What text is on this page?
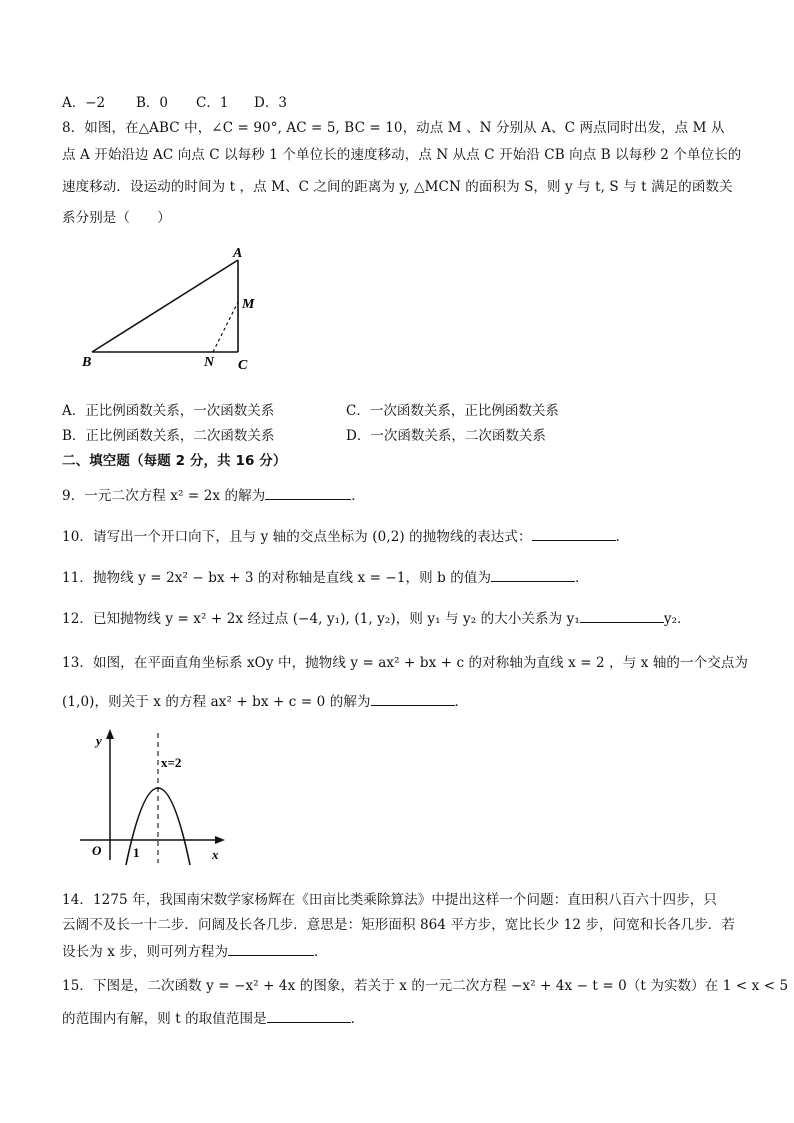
A．−2 B．0 C．1 D．3
8．如图，在△ABC 中，∠C = 90°, AC = 5, BC = 10，动点 M 、N 分别从 A、C 两点同时出发，点 M 从
点 A 开始沿边 AC 向点 C 以每秒 1 个单位长的速度移动，点 N 从点 C 开始沿 CB 向点 B 以每秒 2 个单位长的
速度移动．设运动的时间为 t ，点 M、C 之间的距离为 y, △MCN 的面积为 S，则 y 与 t, S 与 t 满足的函数关
系分别是（　　）
A
B	C
M
N
A．正比例函数关系，一次函数关系	C．一次函数关系，正比例函数关系
B．正比例函数关系，二次函数关系	D．一次函数关系，二次函数关系
二、填空题（每题 2 分，共 16 分）
9．一元二次方程 x² = 2x 的解为	．
10．请写出一个开口向下，且与 y 轴的交点坐标为 (0,2) 的抛物线的表达式：	．
11．抛物线 y = 2x² − bx + 3 的对称轴是直线 x = −1，则 b 的值为	．
12．已知抛物线 y = x² + 2x 经过点 (−4, y₁), (1, y₂)，则 y₁ 与 y₂ 的大小关系为 y₁	y₂．
13．如图，在平面直角坐标系 xOy 中，抛物线 y = ax² + bx + c 的对称轴为直线 x = 2 ，与 x 轴的一个交点为
(1,0)，则关于 x 的方程 ax² + bx + c = 0 的解为	．
y
x
O 1
x=2
14．1275 年，我国南宋数学家杨辉在《田亩比类乘除算法》中提出这样一个问题：直田积八百六十四步，只
云阔不及长一十二步．问阔及长各几步．意思是：矩形面积 864 平方步，宽比长少 12 步，问宽和长各几步．若
设长为 x 步，则可列方程为	．
15．下图是，二次函数 y = −x² + 4x 的图象，若关于 x 的一元二次方程 −x² + 4x − t = 0（t 为实数）在 1 < x < 5
的范围内有解，则 t 的取值范围是	．
